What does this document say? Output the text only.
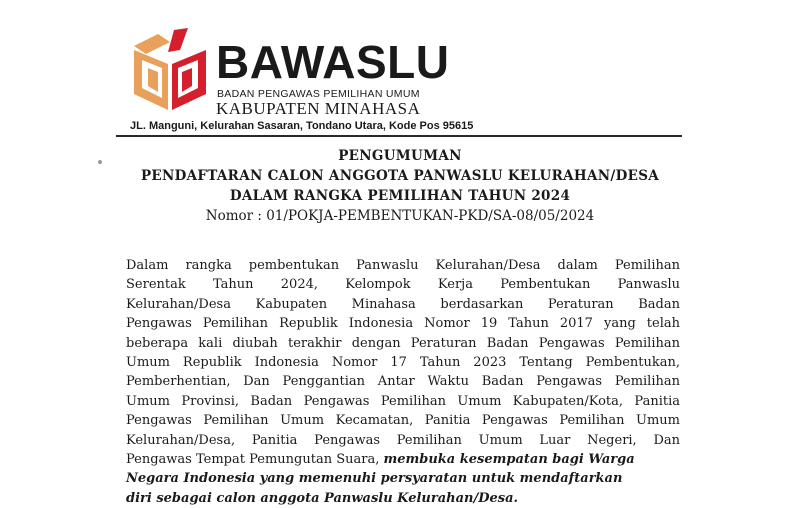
BAWASLU
BADAN PENGAWAS PEMILIHAN UMUM
KABUPATEN MINAHASA
JL. Manguni, Kelurahan Sasaran, Tondano Utara, Kode Pos 95615
PENGUMUMAN
PENDAFTARAN CALON ANGGOTA PANWASLU KELURAHAN/DESA
DALAM RANGKA PEMILIHAN TAHUN 2024
Nomor : 01/POKJA-PEMBENTUKAN-PKD/SA-08/05/2024
Dalam rangka pembentukan Panwaslu Kelurahan/Desa dalam Pemilihan
Serentak Tahun 2024, Kelompok Kerja Pembentukan Panwaslu
Kelurahan/Desa Kabupaten Minahasa berdasarkan Peraturan Badan
Pengawas Pemilihan Republik Indonesia Nomor 19 Tahun 2017 yang telah
beberapa kali diubah terakhir dengan Peraturan Badan Pengawas Pemilihan
Umum Republik Indonesia Nomor 17 Tahun 2023 Tentang Pembentukan,
Pemberhentian, Dan Penggantian Antar Waktu Badan Pengawas Pemilihan
Umum Provinsi, Badan Pengawas Pemilihan Umum Kabupaten/Kota, Panitia
Pengawas Pemilihan Umum Kecamatan, Panitia Pengawas Pemilihan Umum
Kelurahan/Desa, Panitia Pengawas Pemilihan Umum Luar Negeri, Dan
Pengawas Tempat Pemungutan Suara, membuka kesempatan bagi Warga
Negara Indonesia yang memenuhi persyaratan untuk mendaftarkan
diri sebagai calon anggota Panwaslu Kelurahan/Desa.
